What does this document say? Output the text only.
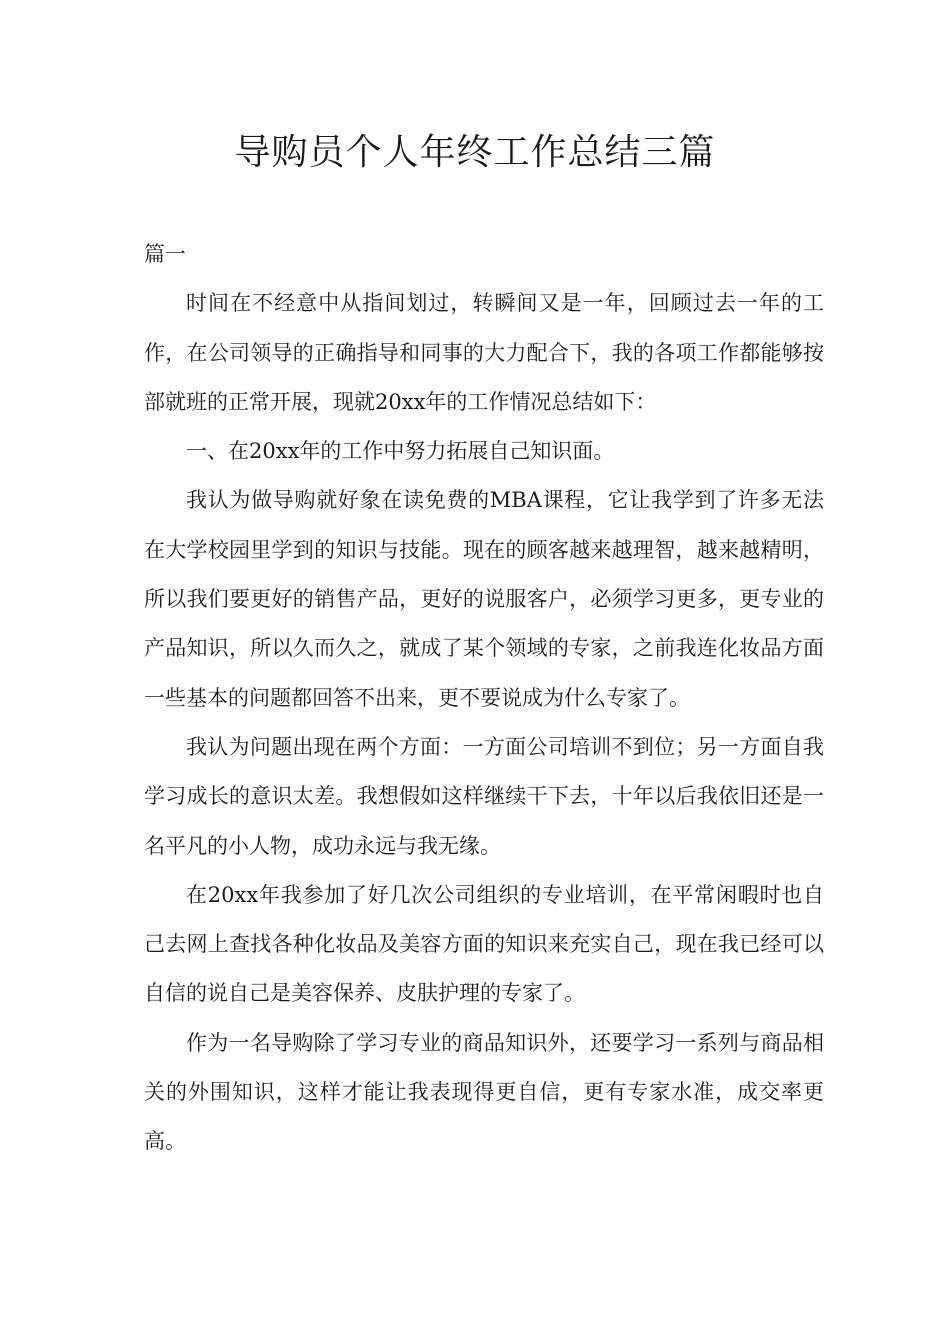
导购员个人年终工作总结三篇

篇一

时间在不经意中从指间划过，转瞬间又是一年，回顾过去一年的工作，在公司领导的正确指导和同事的大力配合下，我的各项工作都能够按部就班的正常开展，现就20xx年的工作情况总结如下：

一、在20xx年的工作中努力拓展自己知识面。

我认为做导购就好象在读免费的MBA课程，它让我学到了许多无法在大学校园里学到的知识与技能。现在的顾客越来越理智，越来越精明，所以我们要更好的销售产品，更好的说服客户，必须学习更多，更专业的产品知识，所以久而久之，就成了某个领域的专家，之前我连化妆品方面一些基本的问题都回答不出来，更不要说成为什么专家了。

我认为问题出现在两个方面：一方面公司培训不到位；另一方面自我学习成长的意识太差。我想假如这样继续干下去，十年以后我依旧还是一名平凡的小人物，成功永远与我无缘。

在20xx年我参加了好几次公司组织的专业培训，在平常闲暇时也自己去网上查找各种化妆品及美容方面的知识来充实自己，现在我已经可以自信的说自己是美容保养、皮肤护理的专家了。

作为一名导购除了学习专业的商品知识外，还要学习一系列与商品相关的外围知识，这样才能让我表现得更自信，更有专家水准，成交率更高。
